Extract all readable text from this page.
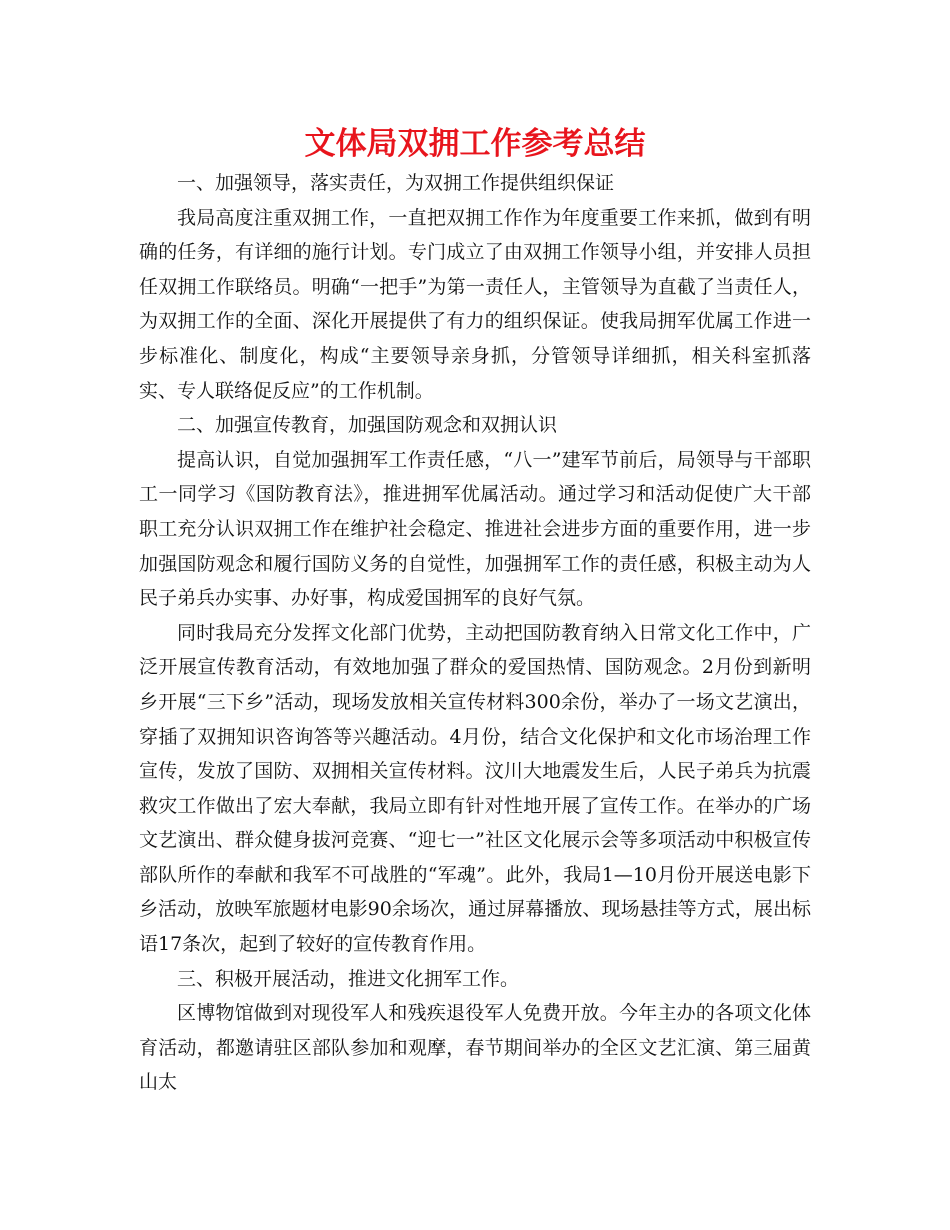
文体局双拥工作参考总结

一、加强领导，落实责任，为双拥工作提供组织保证

我局高度注重双拥工作，一直把双拥工作作为年度重要工作来抓，做到有明确的任务，有详细的施行计划。专门成立了由双拥工作领导小组，并安排人员担任双拥工作联络员。明确“一把手”为第一责任人，主管领导为直截了当责任人，为双拥工作的全面、深化开展提供了有力的组织保证。使我局拥军优属工作进一步标准化、制度化，构成“主要领导亲身抓，分管领导详细抓，相关科室抓落实、专人联络促反应”的工作机制。

二、加强宣传教育，加强国防观念和双拥认识

提高认识，自觉加强拥军工作责任感，“八一”建军节前后，局领导与干部职工一同学习《国防教育法》，推进拥军优属活动。通过学习和活动促使广大干部职工充分认识双拥工作在维护社会稳定、推进社会进步方面的重要作用，进一步加强国防观念和履行国防义务的自觉性，加强拥军工作的责任感，积极主动为人民子弟兵办实事、办好事，构成爱国拥军的良好气氛。

同时我局充分发挥文化部门优势，主动把国防教育纳入日常文化工作中，广泛开展宣传教育活动，有效地加强了群众的爱国热情、国防观念。2月份到新明乡开展“三下乡”活动，现场发放相关宣传材料300余份，举办了一场文艺演出，穿插了双拥知识咨询答等兴趣活动。4月份，结合文化保护和文化市场治理工作宣传，发放了国防、双拥相关宣传材料。汶川大地震发生后，人民子弟兵为抗震救灾工作做出了宏大奉献，我局立即有针对性地开展了宣传工作。在举办的广场文艺演出、群众健身拔河竞赛、“迎七一”社区文化展示会等多项活动中积极宣传部队所作的奉献和我军不可战胜的“军魂”。此外，我局1—10月份开展送电影下乡活动，放映军旅题材电影90余场次，通过屏幕播放、现场悬挂等方式，展出标语17条次，起到了较好的宣传教育作用。

三、积极开展活动，推进文化拥军工作。

区博物馆做到对现役军人和残疾退役军人免费开放。今年主办的各项文化体育活动，都邀请驻区部队参加和观摩，春节期间举办的全区文艺汇演、第三届黄山太
